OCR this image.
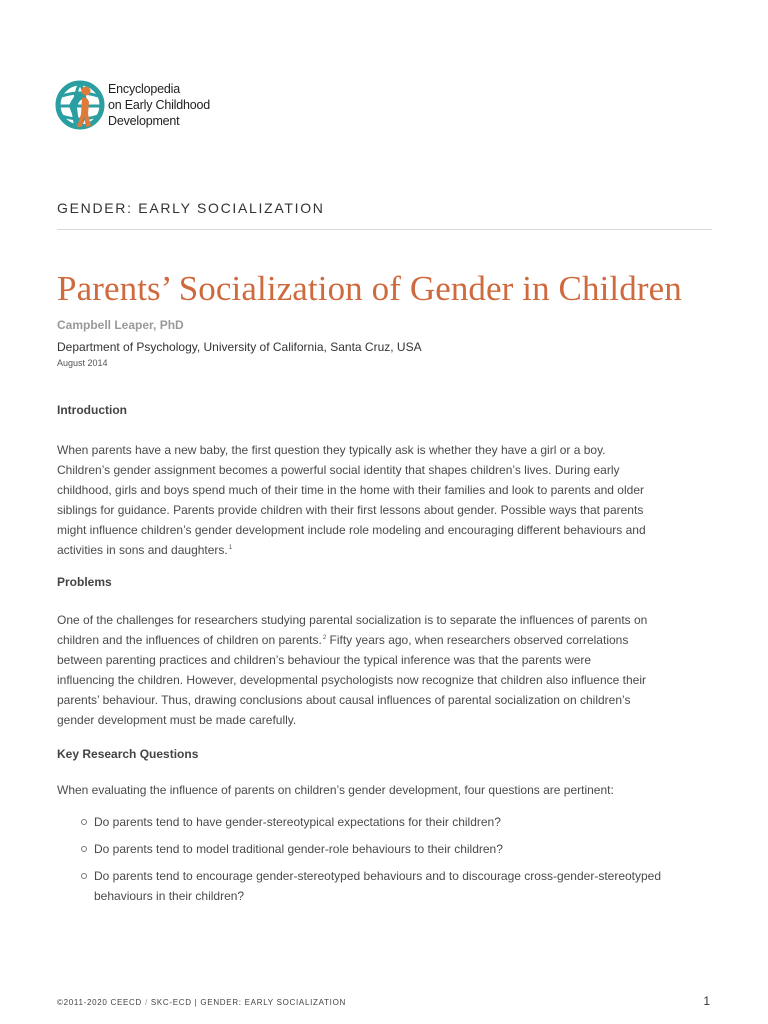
Encyclopedia
on Early Childhood
Development
GENDER: EARLY SOCIALIZATION
Parents’ Socialization of Gender in Children
Campbell Leaper, PhD
Department of Psychology, University of California, Santa Cruz, USA
August 2014
Introduction

When parents have a new baby, the first question they typically ask is whether they have a girl or a boy.
Children’s gender assignment becomes a powerful social identity that shapes children’s lives. During early
childhood, girls and boys spend much of their time in the home with their families and look to parents and older
siblings for guidance. Parents provide children with their first lessons about gender. Possible ways that parents
might influence children’s gender development include role modeling and encouraging different behaviours and
activities in sons and daughters.$^1$

Problems

One of the challenges for researchers studying parental socialization is to separate the influences of parents on
children and the influences of children on parents.$^2$ Fifty years ago, when researchers observed correlations
between parenting practices and children’s behaviour the typical inference was that the parents were
influencing the children. However, developmental psychologists now recognize that children also influence their
parents’ behaviour. Thus, drawing conclusions about causal influences of parental socialization on children’s
gender development must be made carefully.

Key Research Questions

When evaluating the influence of parents on children’s gender development, four questions are pertinent:

Do parents tend to have gender-stereotypical expectations for their children?
Do parents tend to model traditional gender-role behaviours to their children?
Do parents tend to encourage gender-stereotyped behaviours and to discourage cross-gender-stereotyped behaviours in their children?
©2011-2020 CEECD / SKC-ECD | GENDER: EARLY SOCIALIZATION	1
